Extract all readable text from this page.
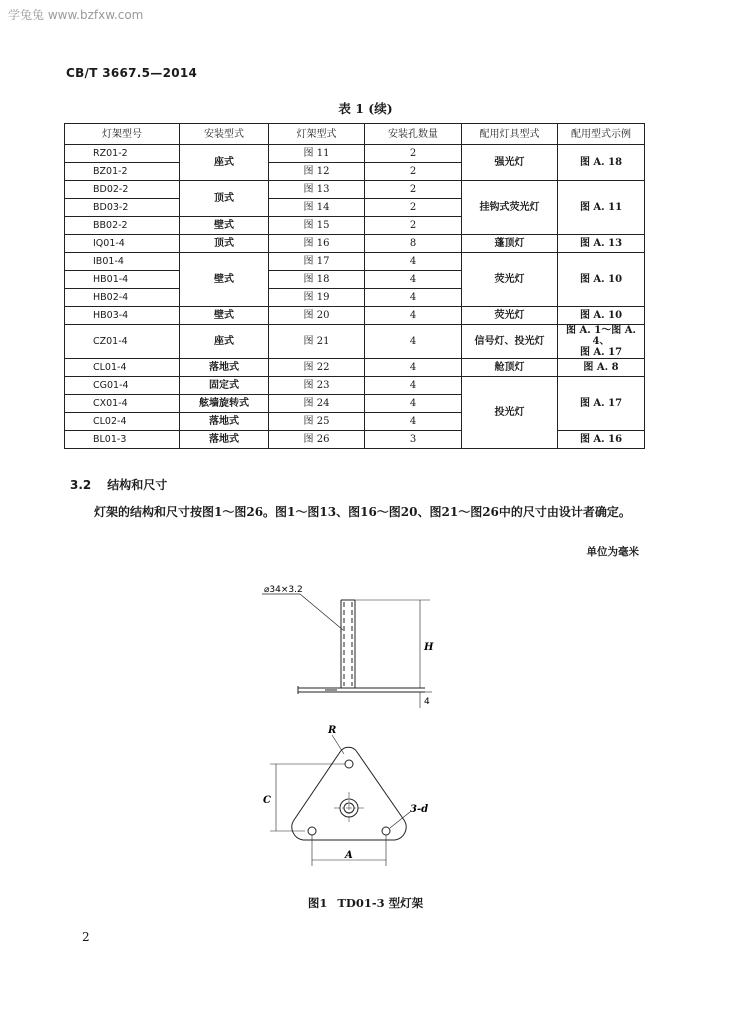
学兔兔 www.bzfxw.com
CB/T 3667.5—2014
表 1 (续)
灯架型号	安装型式	灯架型式	安装孔数量	配用灯具型式	配用型式示例
RZ01-2	座式	图 11	2	强光灯	图 A. 18
BZ01-2		图 12	2		
BD02-2	顶式	图 13	2	挂钩式荧光灯	图 A. 11
BD03-2		图 14	2		
BB02-2	壁式	图 15	2		
IQ01-4	顶式	图 16	8	蓬顶灯	图 A. 13
IB01-4	壁式	图 17	4	荧光灯	图 A. 10
HB01-4		图 18	4		
HB02-4		图 19	4		
HB03-4	壁式	图 20	4	荧光灯	图 A. 10
CZ01-4	座式	图 21	4	信号灯、投光灯	图 A. 1～图 A. 4、
图 A. 17
CL01-4	落地式	图 22	4	舱顶灯	图 A. 8
CG01-4	固定式	图 23	4	投光灯	图 A. 17
CX01-4	舷墙旋转式	图 24	4		
CL02-4	落地式	图 25	4		
BL01-3	落地式	图 26	3		图 A. 16
3.2 结构和尺寸
灯架的结构和尺寸按图1～图26。图1～图13、图16～图20、图21～图26中的尺寸由设计者确定。
单位为毫米
⌀34×3.2
H
4
R
C
3-d
A
图1 TD01-3 型灯架
2
